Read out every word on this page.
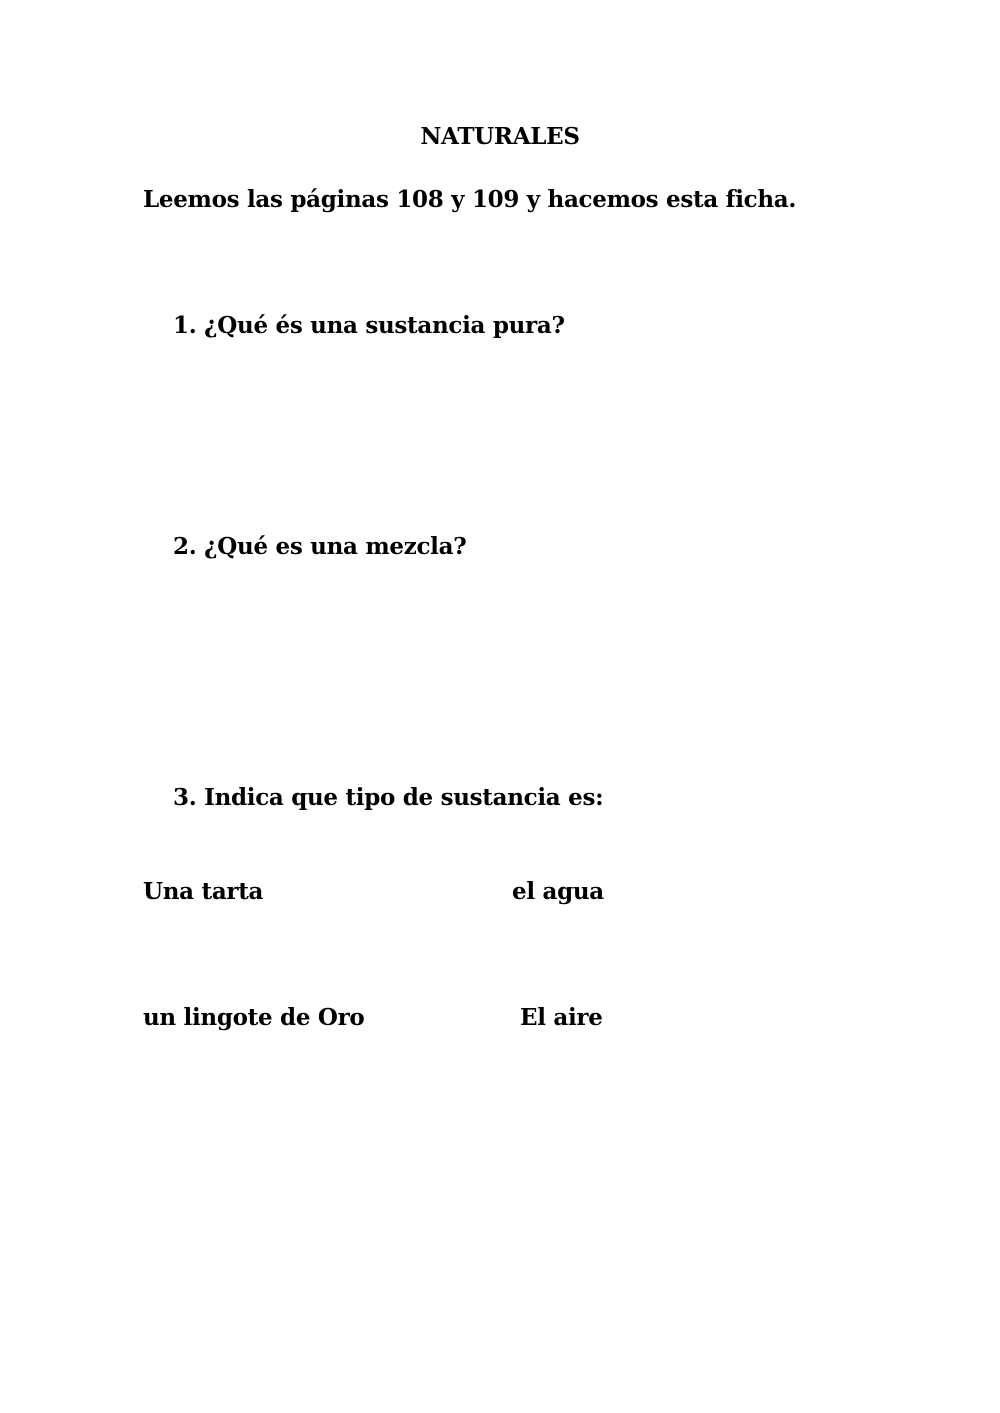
NATURALES
Leemos las páginas 108 y 109 y hacemos esta ficha.
1. ¿Qué és una sustancia pura?
2. ¿Qué es una mezcla?
3. Indica que tipo de sustancia es:
Una tarta	el agua
un lingote de Oro	El aire
